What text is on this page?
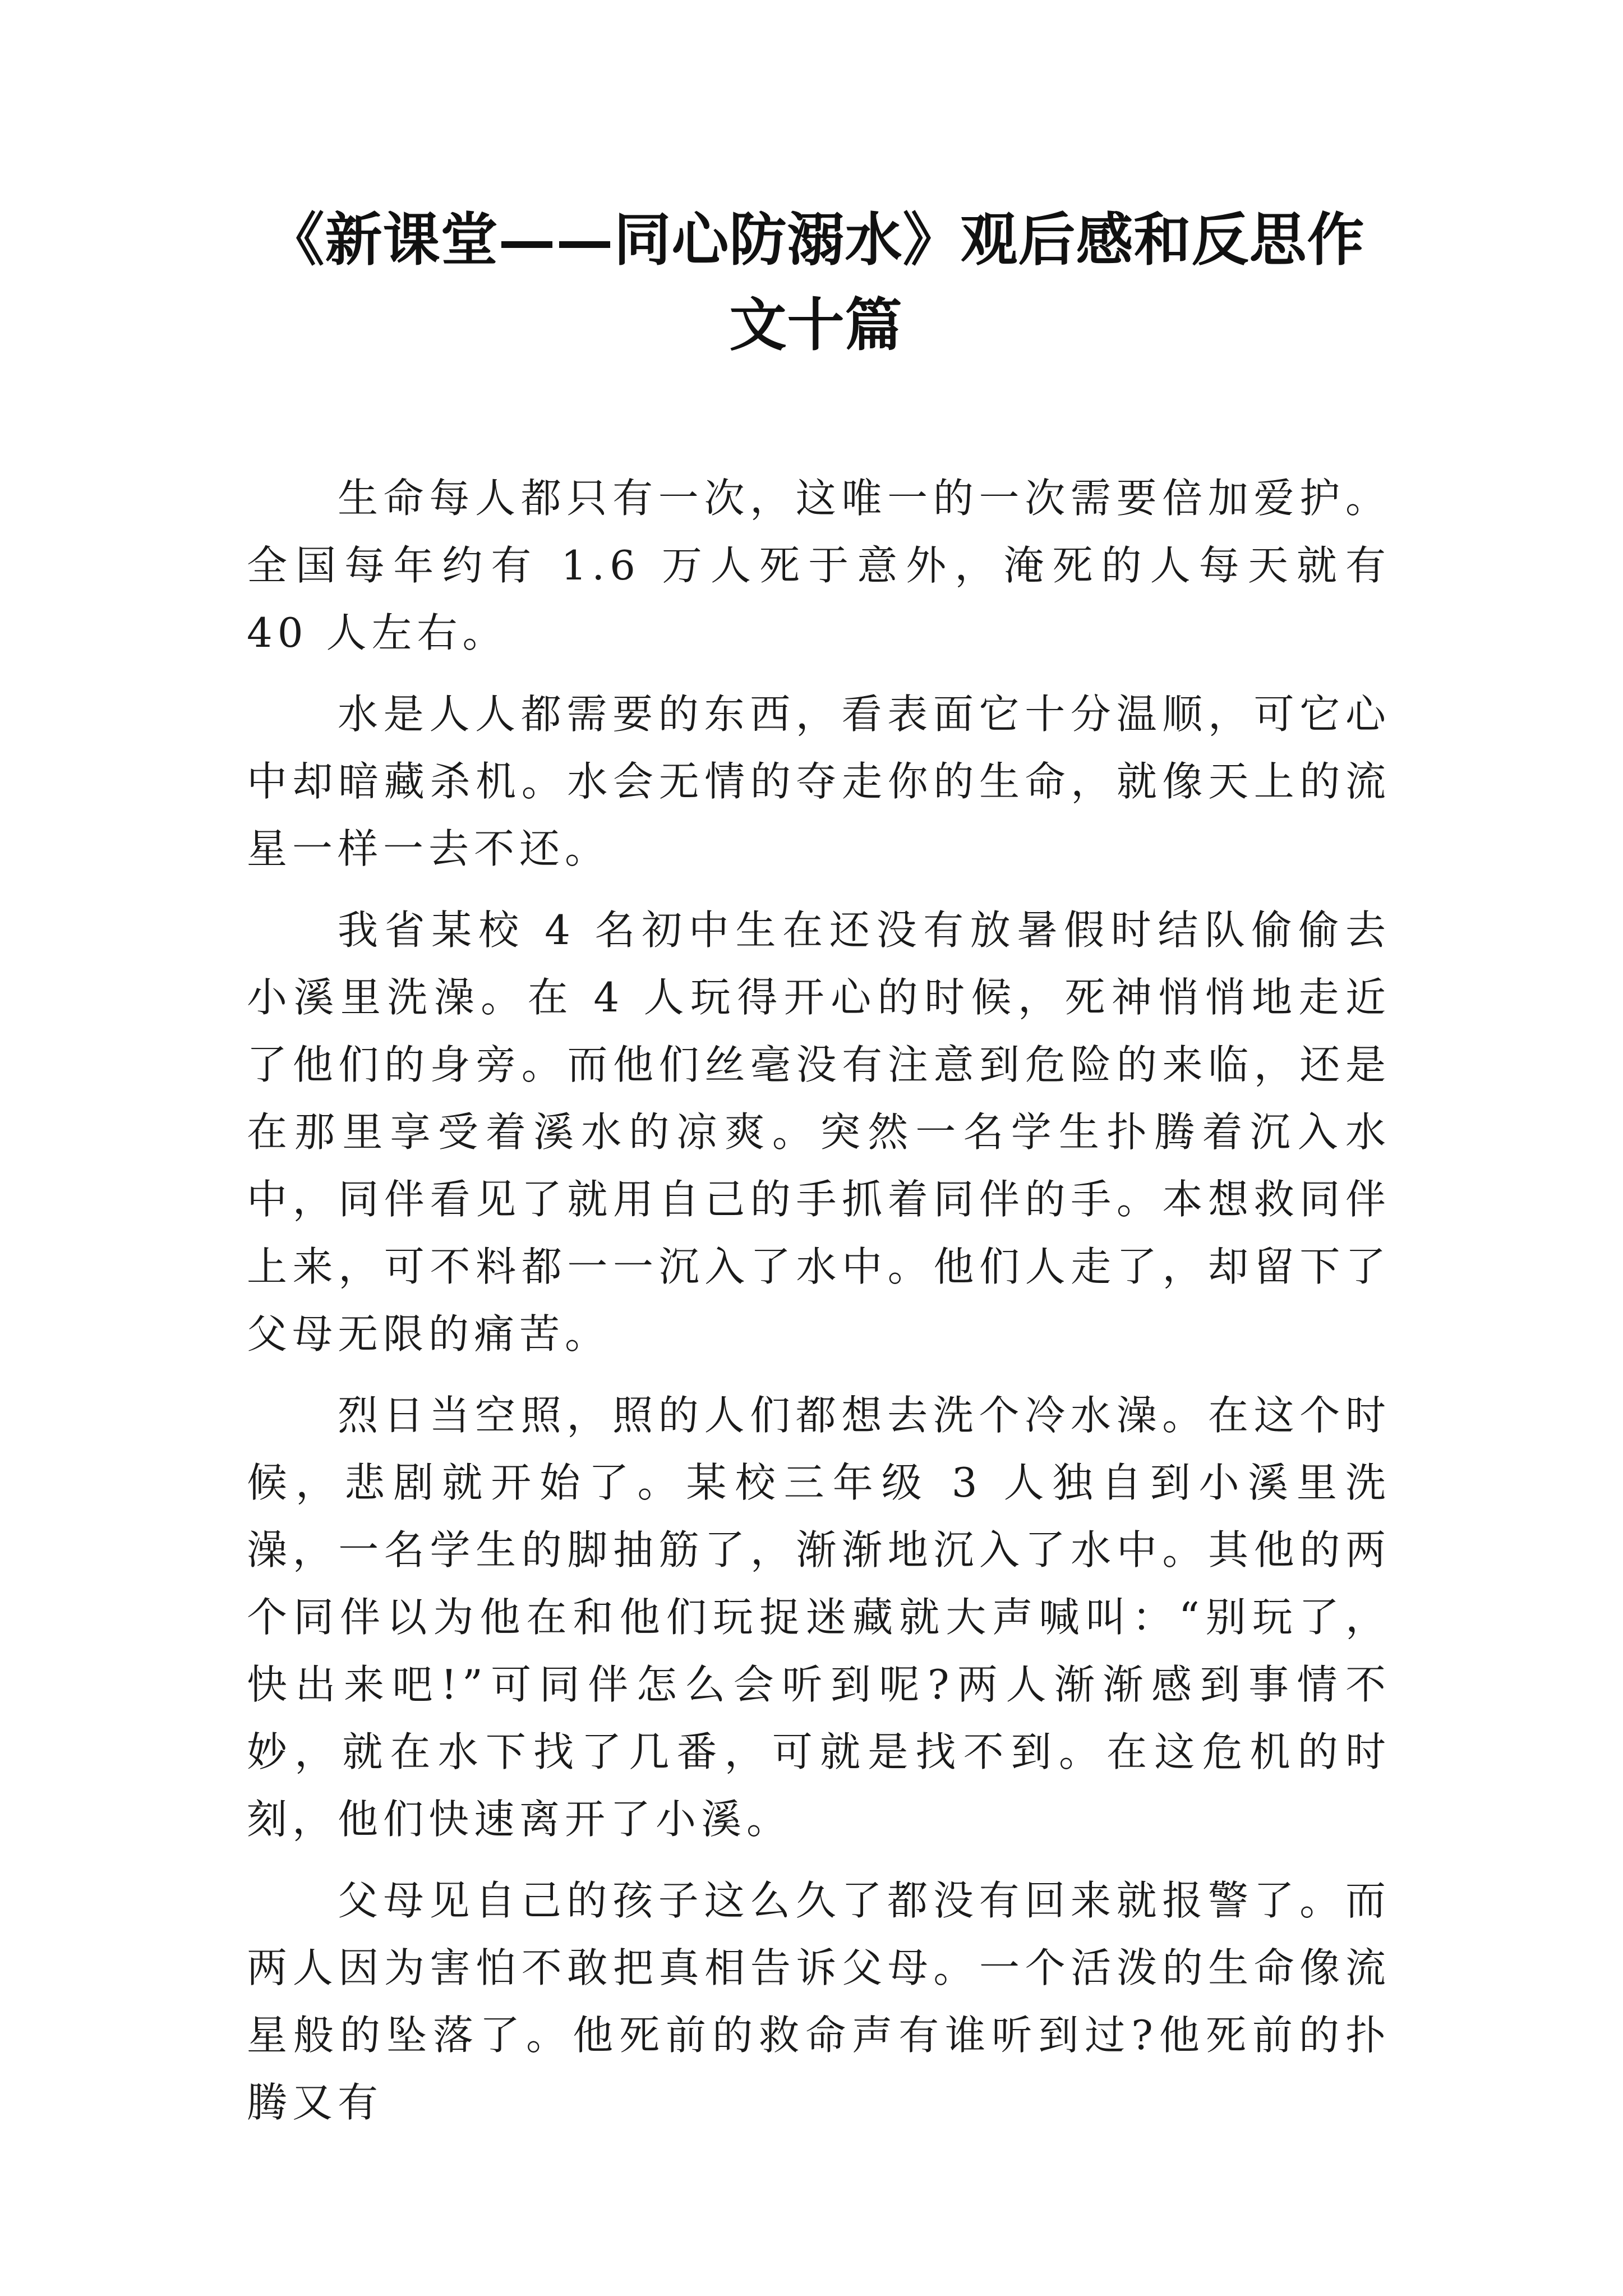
《新课堂——同心防溺水》观后感和反思作文十篇

生命每人都只有一次，这唯一的一次需要倍加爱护。全国每年约有 1.6 万人死于意外，淹死的人每天就有 40 人左右。

水是人人都需要的东西，看表面它十分温顺，可它心中却暗藏杀机。水会无情的夺走你的生命，就像天上的流星一样一去不还。

我省某校 4 名初中生在还没有放暑假时结队偷偷去小溪里洗澡。在 4 人玩得开心的时候，死神悄悄地走近了他们的身旁。而他们丝毫没有注意到危险的来临，还是在那里享受着溪水的凉爽。突然一名学生扑腾着沉入水中，同伴看见了就用自己的手抓着同伴的手。本想救同伴上来，可不料都一一沉入了水中。他们人走了，却留下了父母无限的痛苦。

烈日当空照，照的人们都想去洗个冷水澡。在这个时候，悲剧就开始了。某校三年级 3 人独自到小溪里洗澡，一名学生的脚抽筋了，渐渐地沉入了水中。其他的两个同伴以为他在和他们玩捉迷藏就大声喊叫：“别玩了，快出来吧!”可同伴怎么会听到呢?两人渐渐感到事情不妙，就在水下找了几番，可就是找不到。在这危机的时刻，他们快速离开了小溪。

父母见自己的孩子这么久了都没有回来就报警了。而两人因为害怕不敢把真相告诉父母。一个活泼的生命像流星般的坠落了。他死前的救命声有谁听到过?他死前的扑腾又有
